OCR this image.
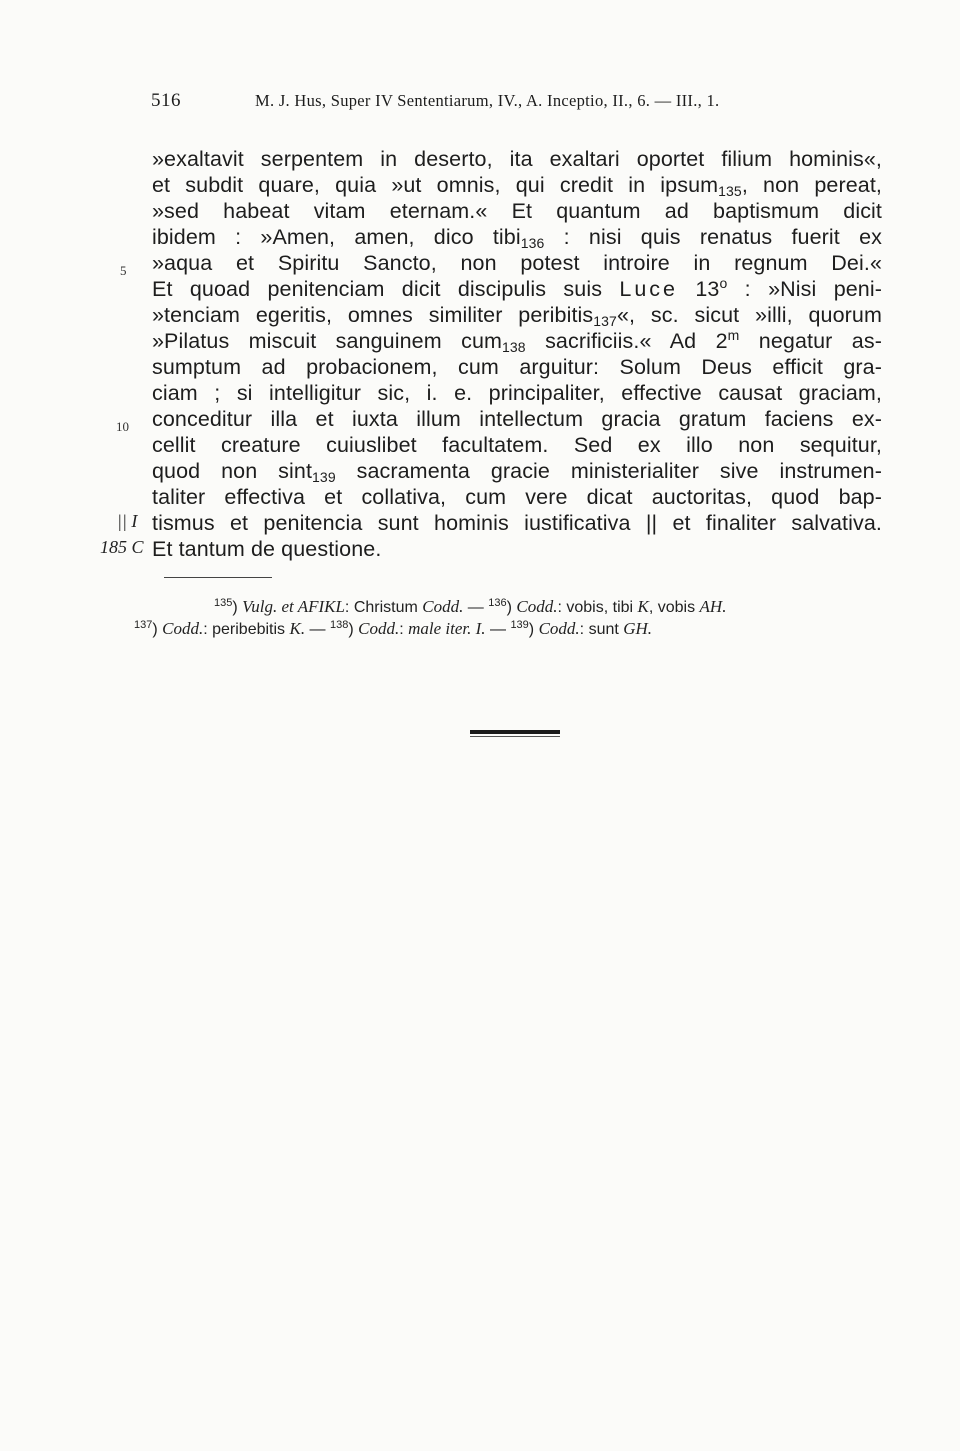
516	M. J. Hus, Super IV Sententiarum, IV., A. Inceptio, II., 6. — III., 1.
»exaltavit serpentem in deserto, ita exaltari oportet filium hominis«,
et subdit quare, quia »ut omnis, qui credit in ipsum$_{135}$, non pereat,
»sed habeat vitam eternam.« Et quantum ad baptismum dicit
ibidem : »Amen, amen, dico tibi$_{136}$ : nisi quis renatus fuerit ex
»aqua et Spiritu Sancto, non potest introire in regnum Dei.«
Et quoad penitenciam dicit discipulis suis Luce 13$^o$ : »Nisi peni-
»tenciam egeritis, omnes similiter peribitis$_{137}$«, sc. sicut »illi, quorum
»Pilatus miscuit sanguinem cum$_{138}$ sacrificiis.« Ad 2$^m$ negatur as-
sumptum ad probacionem, cum arguitur: Solum Deus efficit gra-
ciam ; si intelligitur sic, i. e. principaliter, effective causat graciam,
conceditur illa et iuxta illum intellectum gracia gratum faciens ex-
cellit creature cuiuslibet facultatem. Sed ex illo non sequitur,
quod non sint$_{139}$ sacramenta gracie ministerialiter sive instrumen-
taliter effectiva et collativa, cum vere dicat auctoritas, quod bap-
tismus et penitencia sunt hominis iustificativa || et finaliter salvativa.
Et tantum de questione.
5
10
|| I
185 C
$^{135}$) Vulg. et AFIKL: Christum Codd. — $^{136}$) Codd.: vobis, tibi K, vobis AH.
$^{137}$) Codd.: peribebitis K. — $^{138}$) Codd.: male iter. I. — $^{139}$) Codd.: sunt GH.
